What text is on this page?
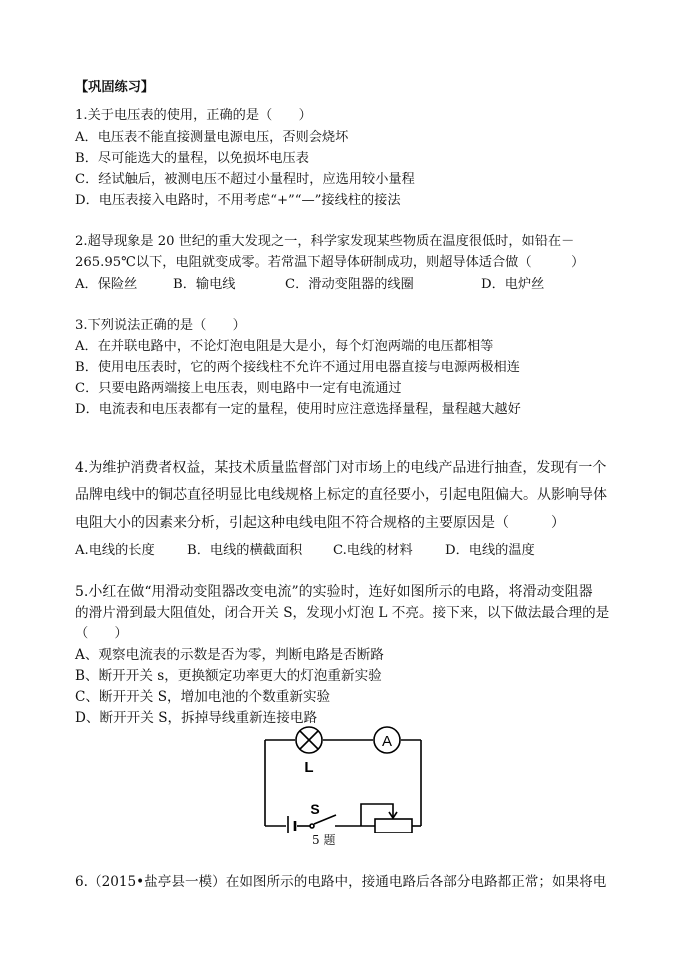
【巩固练习】
1.关于电压表的使用，正确的是（　　）
A．电压表不能直接测量电源电压，否则会烧坏
B．尽可能选大的量程，以免损坏电压表
C．经试触后，被测电压不超过小量程时，应选用较小量程
D．电压表接入电路时，不用考虑“+”“—”接线柱的接法
2.超导现象是 20 世纪的重大发现之一，科学家发现某些物质在温度很低时，如铅在－
265.95℃以下，电阻就变成零。若常温下超导体研制成功，则超导体适合做（　　　）
A．保险丝	B．输电线	C．滑动变阻器的线圈	D．电炉丝
3.下列说法正确的是（　　）
A．在并联电路中，不论灯泡电阻是大是小，每个灯泡两端的电压都相等
B．使用电压表时，它的两个接线柱不允许不通过用电器直接与电源两极相连
C．只要电路两端接上电压表，则电路中一定有电流通过
D．电流表和电压表都有一定的量程，使用时应注意选择量程，量程越大越好
4.为维护消费者权益，某技术质量监督部门对市场上的电线产品进行抽查，发现有一个
品牌电线中的铜芯直径明显比电线规格上标定的直径要小，引起电阻偏大。从影响导体
电阻大小的因素来分析，引起这种电线电阻不符合规格的主要原因是（　　　）
A.电线的长度 B．电线的横截面积 C.电线的材料 D．电线的温度
5.小红在做“用滑动变阻器改变电流”的实验时，连好如图所示的电路，将滑动变阻器
的滑片滑到最大阻值处，闭合开关 S，发现小灯泡 L 不亮。接下来，以下做法最合理的是
（　　）
A、观察电流表的示数是否为零，判断电路是否断路
B、断开开关 s，更换额定功率更大的灯泡重新实验
C、断开开关 S，增加电池的个数重新实验
D、断开开关 S，拆掉导线重新连接电路
A
L
S
5 题
6.（2015•盐亭县一模）在如图所示的电路中，接通电路后各部分电路都正常；如果将电
